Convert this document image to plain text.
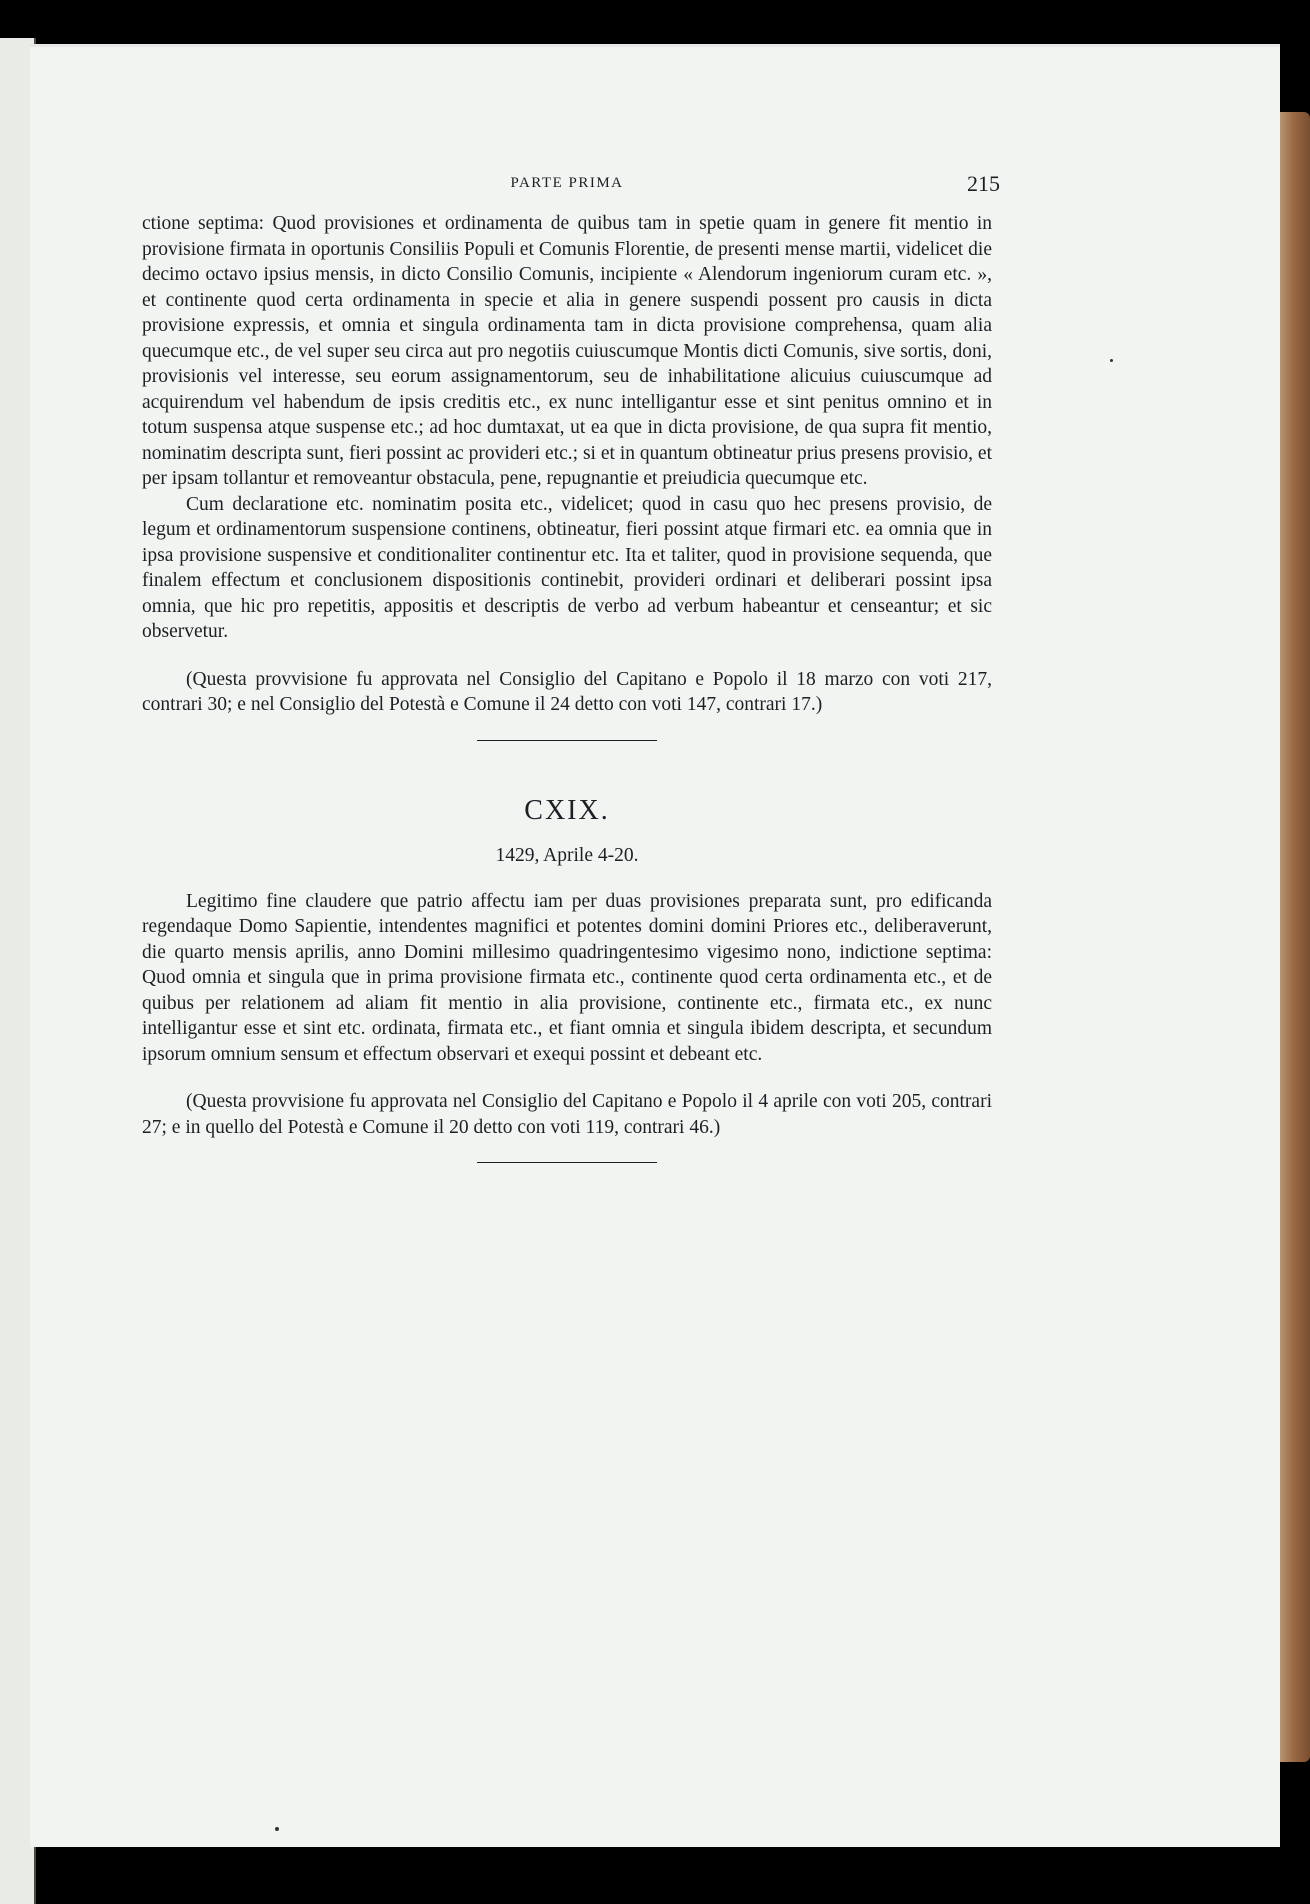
PARTE PRIMA	215

ctione septima: Quod provisiones et ordinamenta de quibus tam in spetie quam in genere fit mentio in provisione firmata in oportunis Consiliis Populi et Comunis Florentie, de presenti mense martii, videlicet die decimo octavo ipsius mensis, in dicto Consilio Comunis, incipiente « Alendorum ingeniorum curam etc. », et continente quod certa ordinamenta in specie et alia in genere suspendi possent pro causis in dicta provisione expressis, et omnia et singula ordinamenta tam in dicta provisione comprehensa, quam alia quecumque etc., de vel super seu circa aut pro negotiis cuiuscumque Montis dicti Comunis, sive sortis, doni, provisionis vel interesse, seu eorum assignamentorum, seu de inhabilitatione alicuius cuiuscumque ad acquirendum vel habendum de ipsis creditis etc., ex nunc intelligantur esse et sint penitus omnino et in totum suspensa atque suspense etc.; ad hoc dumtaxat, ut ea que in dicta provisione, de qua supra fit mentio, nominatim descripta sunt, fieri possint ac provideri etc.; si et in quantum obtineatur prius presens provisio, et per ipsam tollantur et removeantur obstacula, pene, repugnantie et preiudicia quecumque etc.

Cum declaratione etc. nominatim posita etc., videlicet; quod in casu quo hec presens provisio, de legum et ordinamentorum suspensione continens, obtineatur, fieri possint atque firmari etc. ea omnia que in ipsa provisione suspensive et conditionaliter continentur etc. Ita et taliter, quod in provisione sequenda, que finalem effectum et conclusionem dispositionis continebit, provideri ordinari et deliberari possint ipsa omnia, que hic pro repetitis, appositis et descriptis de verbo ad verbum habeantur et censeantur; et sic observetur.

(Questa provvisione fu approvata nel Consiglio del Capitano e Popolo il 18 marzo con voti 217, contrari 30; e nel Consiglio del Potestà e Comune il 24 detto con voti 147, contrari 17.)

CXIX.
1429, Aprile 4-20.

Legitimo fine claudere que patrio affectu iam per duas provisiones preparata sunt, pro edificanda regendaque Domo Sapientie, intendentes magnifici et potentes domini domini Priores etc., deliberaverunt, die quarto mensis aprilis, anno Domini millesimo quadringentesimo vigesimo nono, indictione septima: Quod omnia et singula que in prima provisione firmata etc., continente quod certa ordinamenta etc., et de quibus per relationem ad aliam fit mentio in alia provisione, continente etc., firmata etc., ex nunc intelligantur esse et sint etc. ordinata, firmata etc., et fiant omnia et singula ibidem descripta, et secundum ipsorum omnium sensum et effectum observari et exequi possint et debeant etc.

(Questa provvisione fu approvata nel Consiglio del Capitano e Popolo il 4 aprile con voti 205, contrari 27; e in quello del Potestà e Comune il 20 detto con voti 119, contrari 46.)
